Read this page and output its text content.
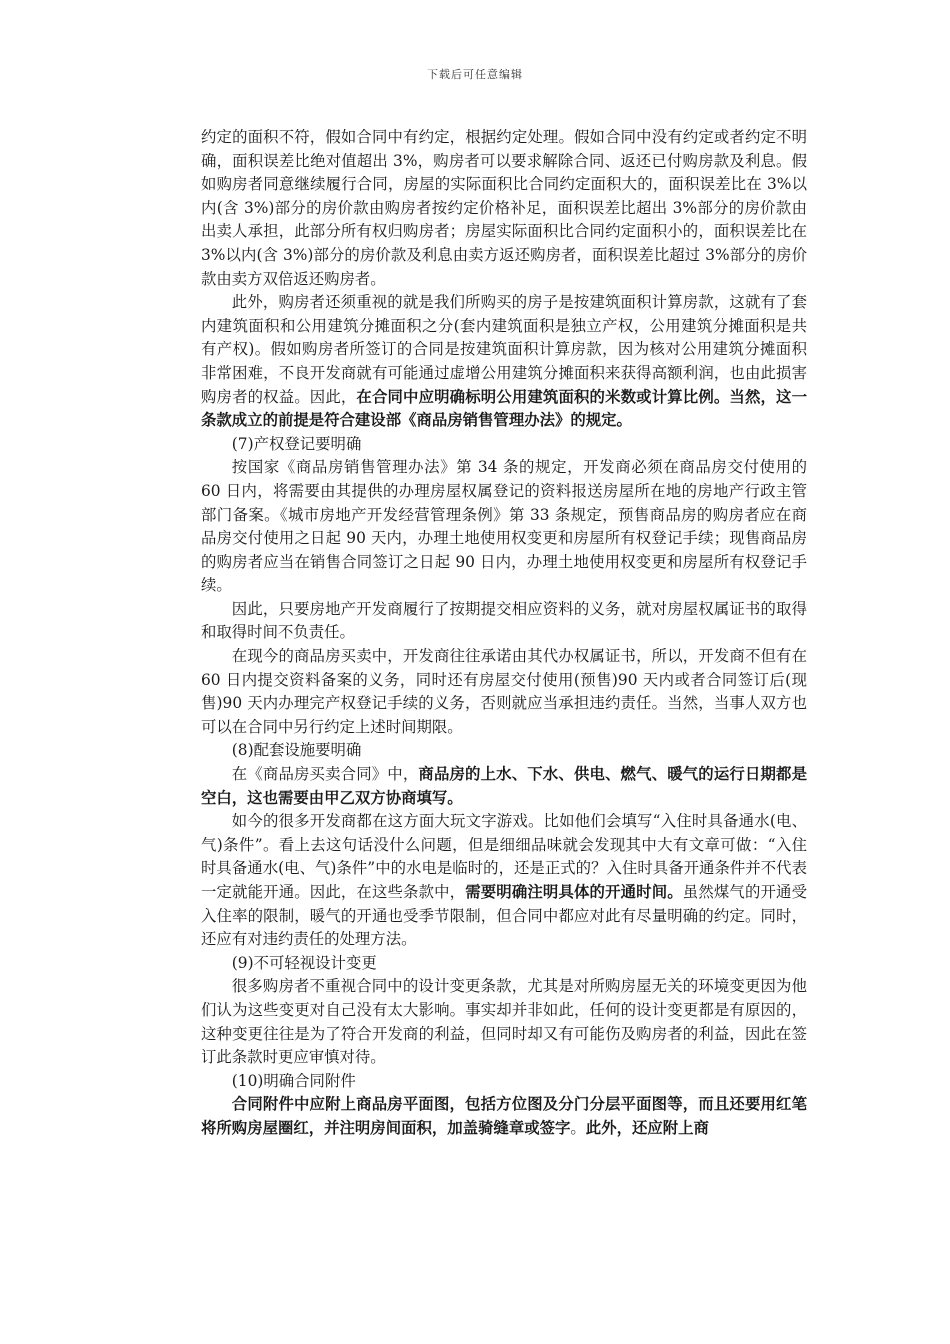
下载后可任意编辑

约定的面积不符，假如合同中有约定，根据约定处理。假如合同中没有约定或者约定不明确，面积误差比绝对值超出 3%，购房者可以要求解除合同、返还已付购房款及利息。假如购房者同意继续履行合同，房屋的实际面积比合同约定面积大的，面积误差比在 3%以内(含 3%)部分的房价款由购房者按约定价格补足，面积误差比超出 3%部分的房价款由出卖人承担，此部分所有权归购房者；房屋实际面积比合同约定面积小的，面积误差比在 3%以内(含 3%)部分的房价款及利息由卖方返还购房者，面积误差比超过 3%部分的房价款由卖方双倍返还购房者。

此外，购房者还须重视的就是我们所购买的房子是按建筑面积计算房款，这就有了套内建筑面积和公用建筑分摊面积之分(套内建筑面积是独立产权，公用建筑分摊面积是共有产权)。假如购房者所签订的合同是按建筑面积计算房款，因为核对公用建筑分摊面积非常困难，不良开发商就有可能通过虚增公用建筑分摊面积来获得高额利润，也由此损害购房者的权益。因此，在合同中应明确标明公用建筑面积的米数或计算比例。当然，这一条款成立的前提是符合建设部《商品房销售管理办法》的规定。

(7)产权登记要明确

按国家《商品房销售管理办法》第 34 条的规定，开发商必须在商品房交付使用的 60 日内，将需要由其提供的办理房屋权属登记的资料报送房屋所在地的房地产行政主管部门备案。《城市房地产开发经营管理条例》第 33 条规定，预售商品房的购房者应在商品房交付使用之日起 90 天内，办理土地使用权变更和房屋所有权登记手续；现售商品房的购房者应当在销售合同签订之日起 90 日内，办理土地使用权变更和房屋所有权登记手续。

因此，只要房地产开发商履行了按期提交相应资料的义务，就对房屋权属证书的取得和取得时间不负责任。

在现今的商品房买卖中，开发商往往承诺由其代办权属证书，所以，开发商不但有在 60 日内提交资料备案的义务，同时还有房屋交付使用(预售)90 天内或者合同签订后(现售)90 天内办理完产权登记手续的义务，否则就应当承担违约责任。当然，当事人双方也可以在合同中另行约定上述时间期限。

(8)配套设施要明确

在《商品房买卖合同》中，商品房的上水、下水、供电、燃气、暖气的运行日期都是空白，这也需要由甲乙双方协商填写。

如今的很多开发商都在这方面大玩文字游戏。比如他们会填写“入住时具备通水(电、气)条件”。看上去这句话没什么问题，但是细细品味就会发现其中大有文章可做：“入住时具备通水(电、气)条件”中的水电是临时的，还是正式的？入住时具备开通条件并不代表一定就能开通。因此，在这些条款中，需要明确注明具体的开通时间。虽然煤气的开通受入住率的限制，暖气的开通也受季节限制，但合同中都应对此有尽量明确的约定。同时，还应有对违约责任的处理方法。

(9)不可轻视设计变更

很多购房者不重视合同中的设计变更条款，尤其是对所购房屋无关的环境变更因为他们认为这些变更对自己没有太大影响。事实却并非如此，任何的设计变更都是有原因的，这种变更往往是为了符合开发商的利益，但同时却又有可能伤及购房者的利益，因此在签订此条款时更应审慎对待。

(10)明确合同附件

合同附件中应附上商品房平面图，包括方位图及分门分层平面图等，而且还要用红笔将所购房屋圈红，并注明房间面积，加盖骑缝章或签字。此外，还应附上商
